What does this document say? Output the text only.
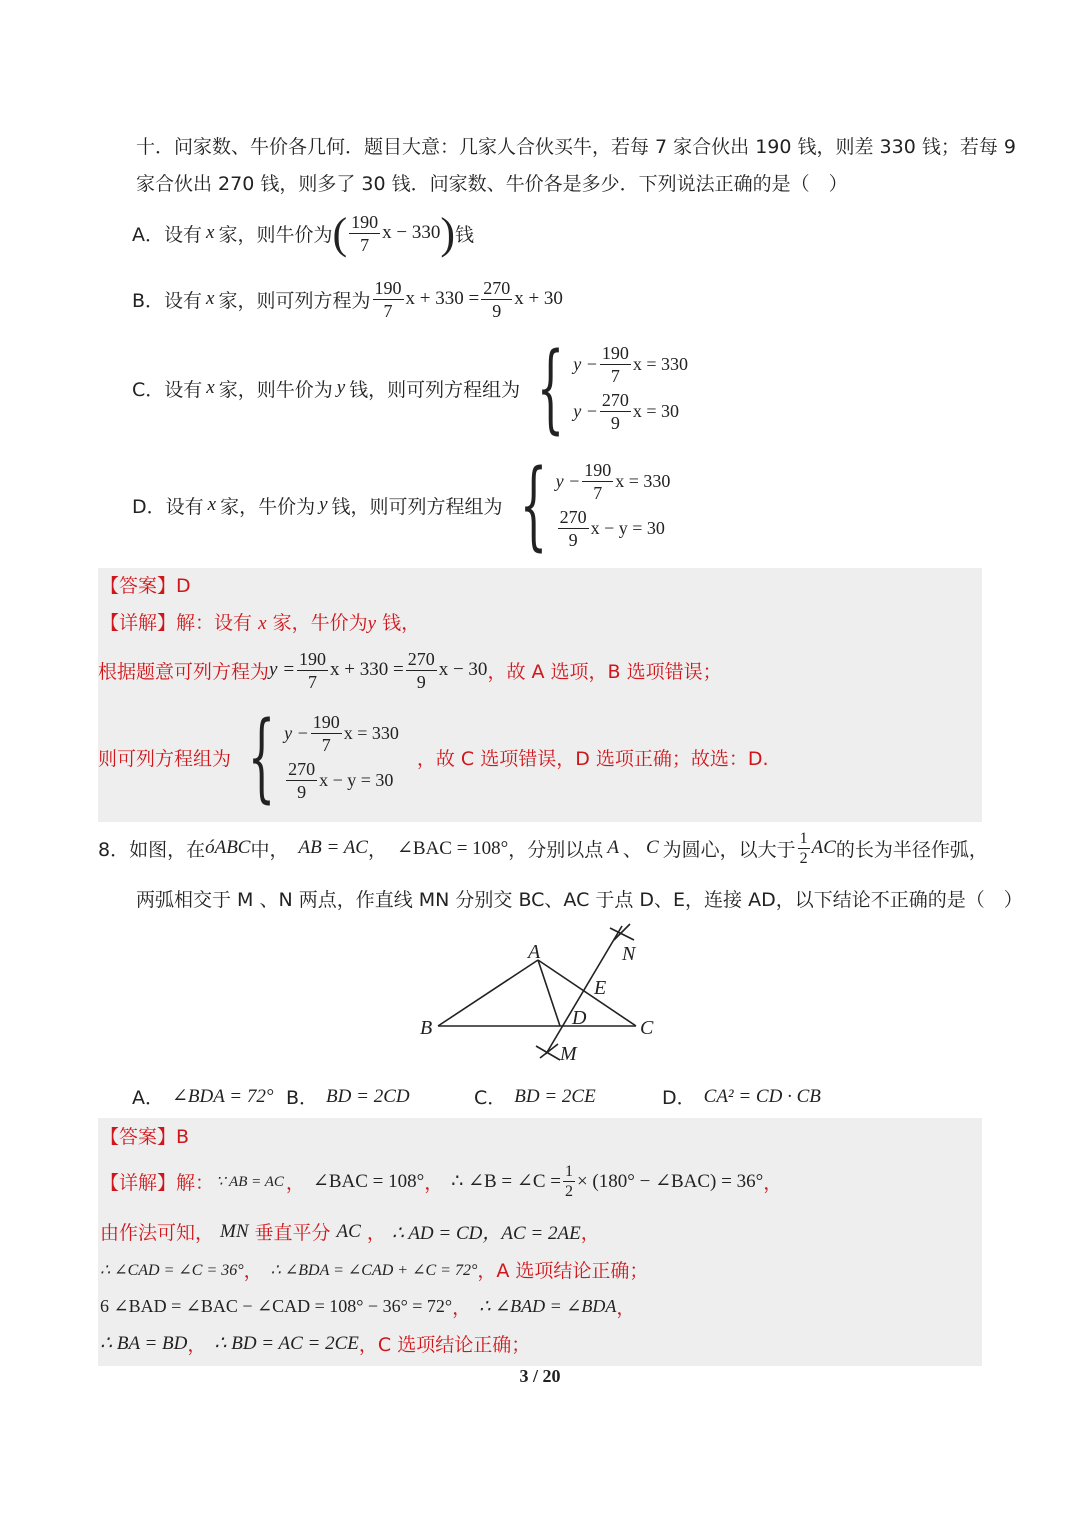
十．问家数、牛价各几何．题目大意：几家人合伙买牛，若每 7 家合伙出 190 钱，则差 330 钱；若每 9
家合伙出 270 钱，则多了 30 钱．问家数、牛价各是多少．下列说法正确的是（　）
A．设有 x 家，则牛价为 ( $\frac{190}{7}$ x − 330 ) 钱
B．设有 x 家，则可列方程为 $\frac{190}{7}$ $x + 330 = \frac{270}{9}$ x + 30
C．设有 x 家，则牛价为 y 钱，则可列方程组为 { $y - \frac{190}{7}$ x = 330
$y - \frac{270}{9}$ x = 30
D．设有 x 家，牛价为 y 钱，则可列方程组为 { $y - \frac{190}{7}$ x = 330
$\frac{270}{9}$ x − y = 30
【答案】D
【详解】解：设有 x 家，牛价为y 钱，
根据题意可列方程为 $y = \frac{190}{7}$ $x + 330 = \frac{270}{9}$ x − 30 ，故 A 选项，B 选项错误；
则可列方程组为 { $y - \frac{190}{7}$ x = 330
$\frac{270}{9}$ x − y = 30
，故 C 选项错误，D 选项正确；故选：D.
8．如图，在 óABC 中， AB = AC ， ∠BAC = 108° ，分别以点 A 、 C 为圆心，以大于 $\frac{1}{2}$ AC 的长为半径作弧，
两弧相交于 M 、N 两点，作直线 MN 分别交 BC、AC 于点 D、E，连接 AD，以下结论不正确的是（　）
A
B	C
D
E
M
N
A． ∠BDA = 72° B． BD = 2CD	C． BD = 2CE	D． CA² = CD · CB
【答案】B
【详解】 解： ∵ AB = AC ， ∠BAC = 108° ， ∴ ∠B = ∠C = $\frac{1}{2} \times (180^\circ$ − ∠BAC) = 36° ，
由作法可知， MN 垂直平分 AC ， ∴ AD = CD，AC = 2AE ，
∴ ∠CAD = ∠C = 36° ， ∴ ∠BDA = ∠CAD + ∠C = 72° ，A 选项结论正确；
6 ∠BAD = ∠BAC − ∠CAD = 108° − 36° = 72° ， ∴ ∠BAD = ∠BDA ，
∴ BA = BD ， ∴ BD = AC = 2CE ，C 选项结论正确；
3 / 20
